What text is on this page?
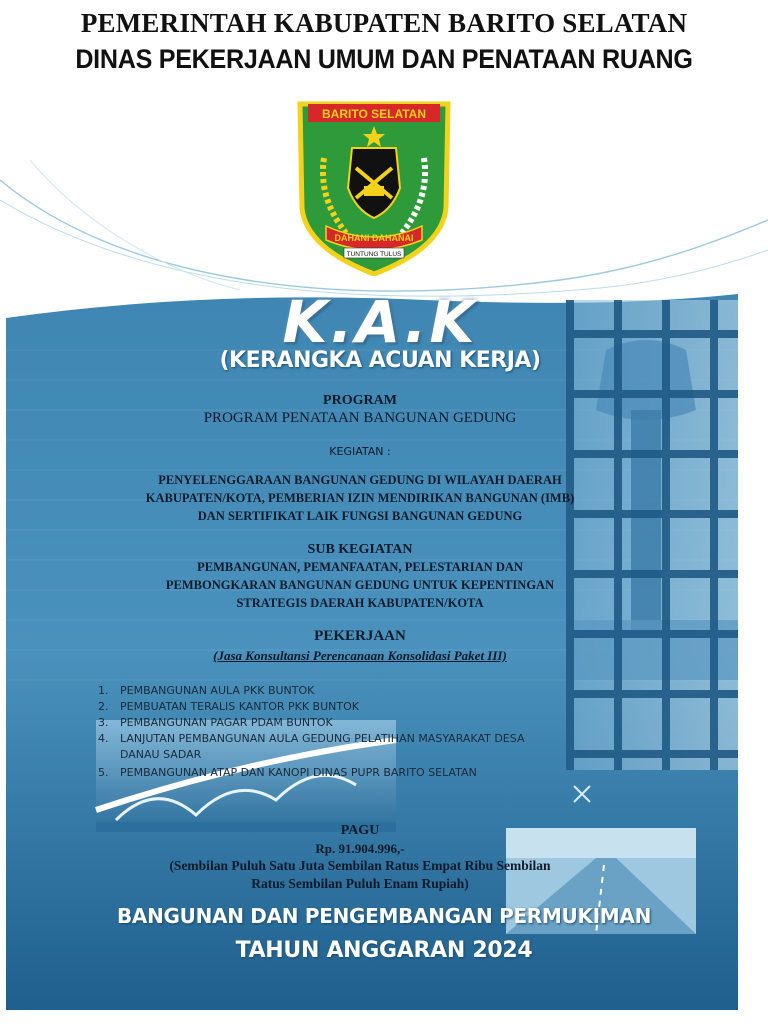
PEMERINTAH KABUPATEN BARITO SELATAN
DINAS PEKERJAAN UMUM DAN PENATAAN RUANG
BARITO SELATAN
DAHANI DAHANAI
TUNTUNG TULUS
K.A.K
(KERANGKA ACUAN KERJA)
PROGRAM
PROGRAM PENATAAN BANGUNAN GEDUNG
KEGIATAN :
PENYELENGGARAAN BANGUNAN GEDUNG DI WILAYAH DAERAH
KABUPATEN/KOTA, PEMBERIAN IZIN MENDIRIKAN BANGUNAN (IMB)
DAN SERTIFIKAT LAIK FUNGSI BANGUNAN GEDUNG
SUB KEGIATAN
PEMBANGUNAN, PEMANFAATAN, PELESTARIAN DAN
PEMBONGKARAN BANGUNAN GEDUNG UNTUK KEPENTINGAN
STRATEGIS DAERAH KABUPATEN/KOTA
PEKERJAAN
(Jasa Konsultansi Perencanaan Konsolidasi Paket III)
1. PEMBANGUNAN AULA PKK BUNTOK
2. PEMBUATAN TERALIS KANTOR PKK BUNTOK
3. PEMBANGUNAN PAGAR PDAM BUNTOK
4. LANJUTAN PEMBANGUNAN AULA GEDUNG PELATIHAN MASYARAKAT DESA
DANAU SADAR
5. PEMBANGUNAN ATAP DAN KANOPI DINAS PUPR BARITO SELATAN
PAGU
Rp. 91.904.996,-
(Sembilan Puluh Satu Juta Sembilan Ratus Empat Ribu Sembilan
Ratus Sembilan Puluh Enam Rupiah)
BANGUNAN DAN PENGEMBANGAN PERMUKIMAN
TAHUN ANGGARAN 2024
